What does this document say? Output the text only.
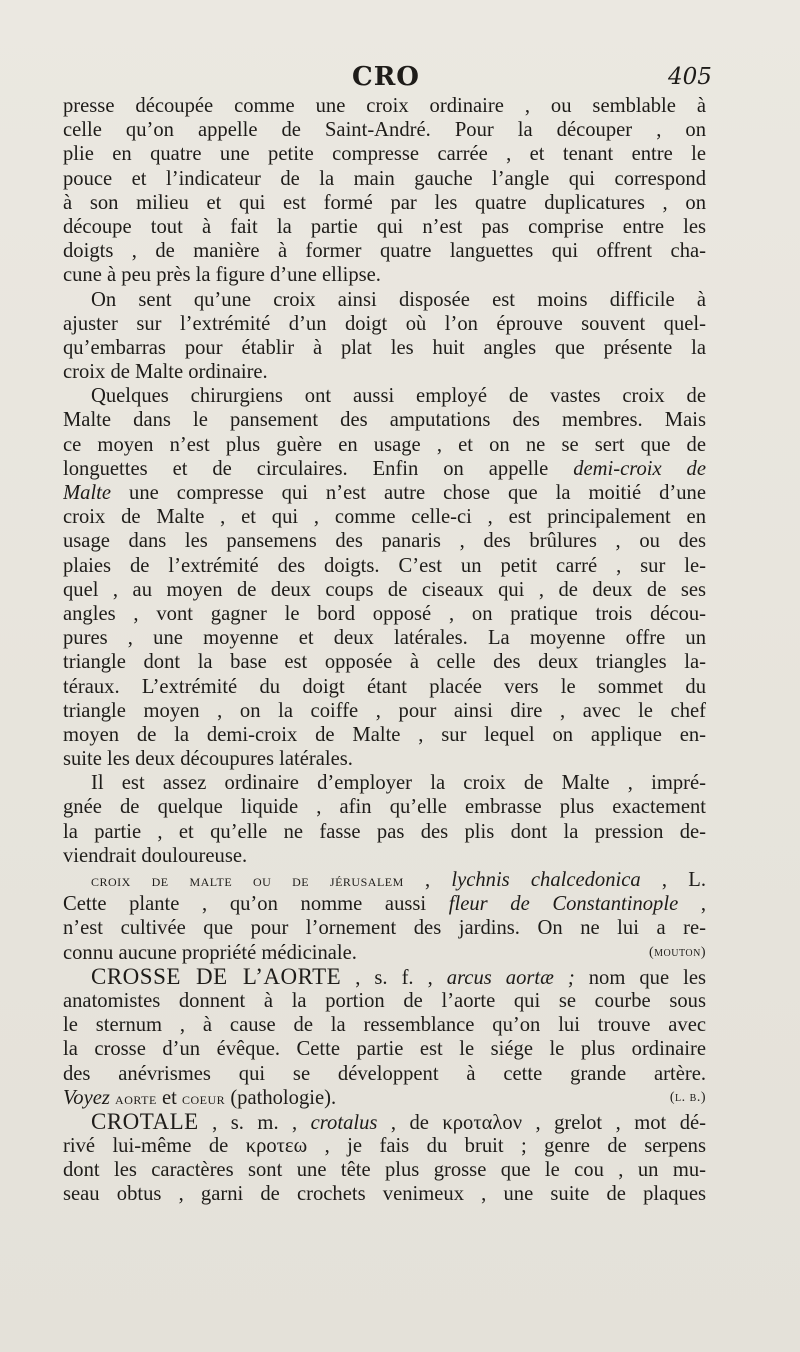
CRO	405
presse découpée comme une croix ordinaire , ou semblable à
celle qu’on appelle de Saint-André. Pour la découper , on
plie en quatre une petite compresse carrée , et tenant entre le
pouce et l’indicateur de la main gauche l’angle qui correspond
à son milieu et qui est formé par les quatre duplicatures , on
découpe tout à fait la partie qui n’est pas comprise entre les
doigts , de manière à former quatre languettes qui offrent cha-
cune à peu près la figure d’une ellipse.
On sent qu’une croix ainsi disposée est moins difficile à
ajuster sur l’extrémité d’un doigt où l’on éprouve souvent quel-
qu’embarras pour établir à plat les huit angles que présente la
croix de Malte ordinaire.
Quelques chirurgiens ont aussi employé de vastes croix de
Malte dans le pansement des amputations des membres. Mais
ce moyen n’est plus guère en usage , et on ne se sert que de
longuettes et de circulaires. Enfin on appelle demi-croix de
Malte une compresse qui n’est autre chose que la moitié d’une
croix de Malte , et qui , comme celle-ci , est principalement en
usage dans les pansemens des panaris , des brûlures , ou des
plaies de l’extrémité des doigts. C’est un petit carré , sur le-
quel , au moyen de deux coups de ciseaux qui , de deux de ses
angles , vont gagner le bord opposé , on pratique trois décou-
pures , une moyenne et deux latérales. La moyenne offre un
triangle dont la base est opposée à celle des deux triangles la-
téraux. L’extrémité du doigt étant placée vers le sommet du
triangle moyen , on la coiffe , pour ainsi dire , avec le chef
moyen de la demi-croix de Malte , sur lequel on applique en-
suite les deux découpures latérales.
Il est assez ordinaire d’employer la croix de Malte , impré-
gnée de quelque liquide , afin qu’elle embrasse plus exactement
la partie , et qu’elle ne fasse pas des plis dont la pression de-
viendrait douloureuse.
croix de malte ou de jérusalem , lychnis chalcedonica , L.
Cette plante , qu’on nomme aussi fleur de Constantinople ,
n’est cultivée que pour l’ornement des jardins. On ne lui a re-
connu aucune propriété médicinale.	(mouton)
CROSSE DE L’AORTE , s. f. , arcus aortæ ; nom que les
anatomistes donnent à la portion de l’aorte qui se courbe sous
le sternum , à cause de la ressemblance qu’on lui trouve avec
la crosse d’un évêque. Cette partie est le siége le plus ordinaire
des anévrismes qui se développent à cette grande artère.
Voyez aorte et coeur (pathologie).	(l. b.)
CROTALE , s. m. , crotalus , de κροταλον , grelot , mot dé-
rivé lui-même de κροτεω , je fais du bruit ; genre de serpens
dont les caractères sont une tête plus grosse que le cou , un mu-
seau obtus , garni de crochets venimeux , une suite de plaques
